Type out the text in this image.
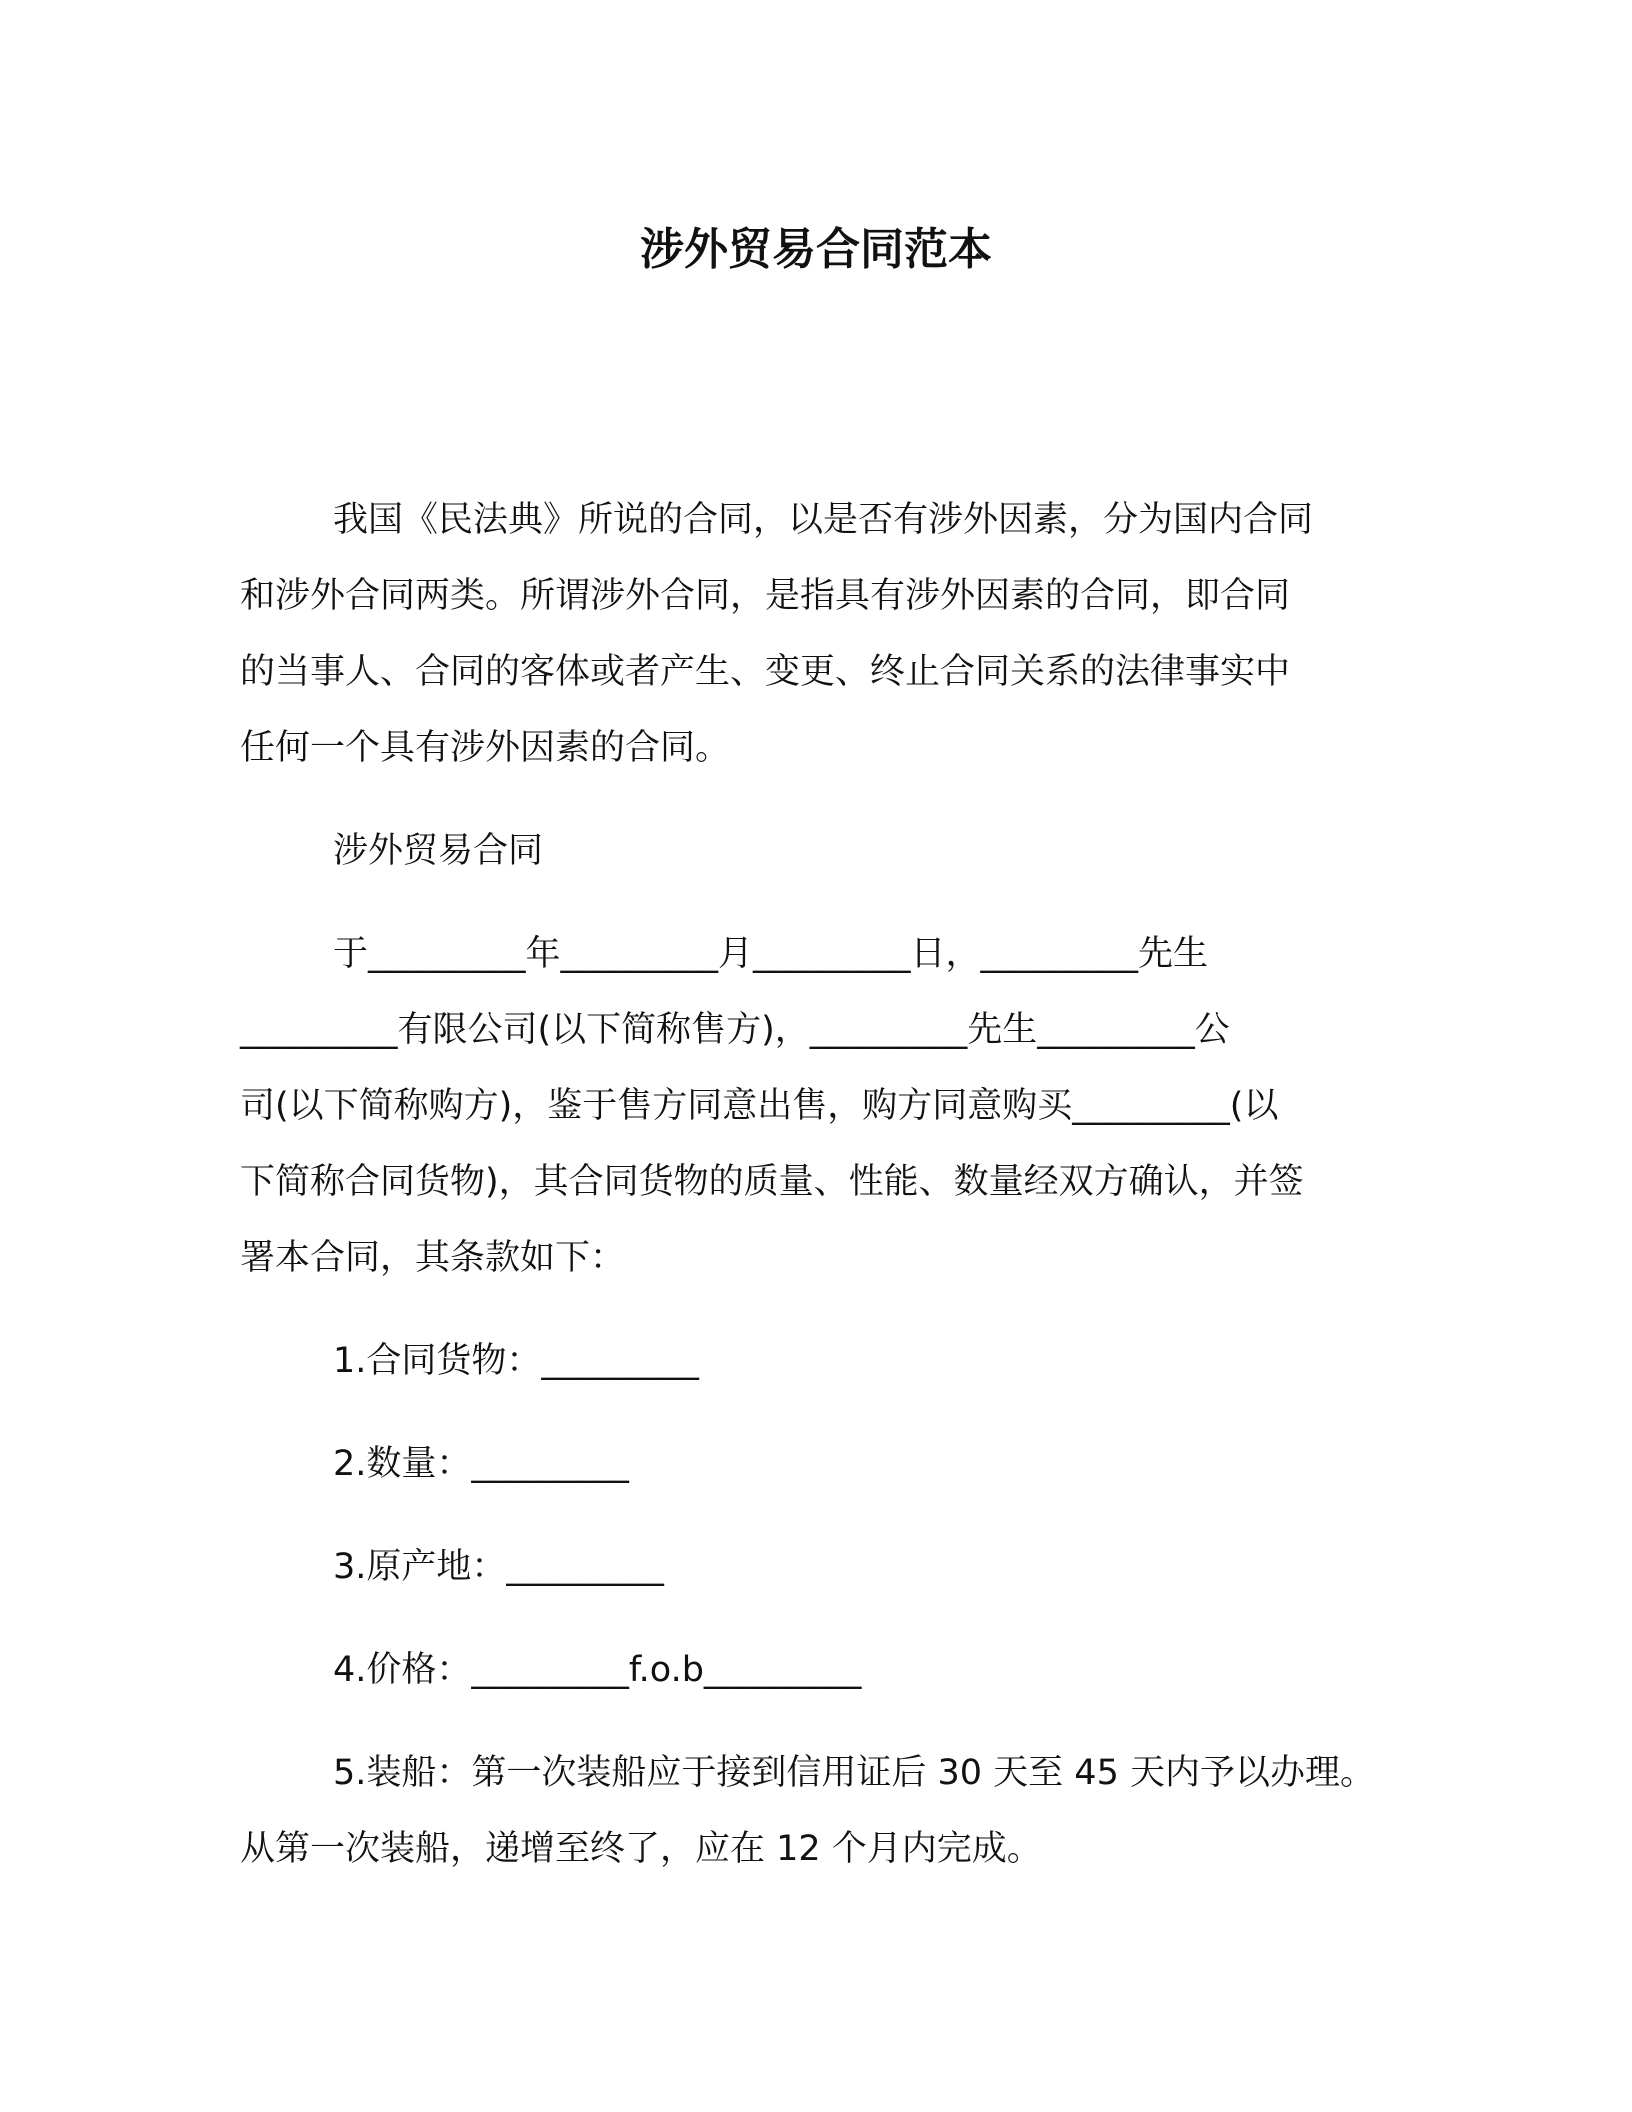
涉外贸易合同范本

我国《民法典》所说的合同，以是否有涉外因素，分为国内合同
和涉外合同两类。所谓涉外合同，是指具有涉外因素的合同，即合同
的当事人、合同的客体或者产生、变更、终止合同关系的法律事实中
任何一个具有涉外因素的合同。

涉外贸易合同

于_________年_________月_________日，_________先生
_________有限公司(以下简称售方)，_________先生_________公
司(以下简称购方)，鉴于售方同意出售，购方同意购买_________(以
下简称合同货物)，其合同货物的质量、性能、数量经双方确认，并签
署本合同，其条款如下：

1.合同货物：_________

2.数量：_________

3.原产地：_________

4.价格：_________f.o.b_________

5.装船：第一次装船应于接到信用证后 30 天至 45 天内予以办理。
从第一次装船，递增至终了，应在 12 个月内完成。
